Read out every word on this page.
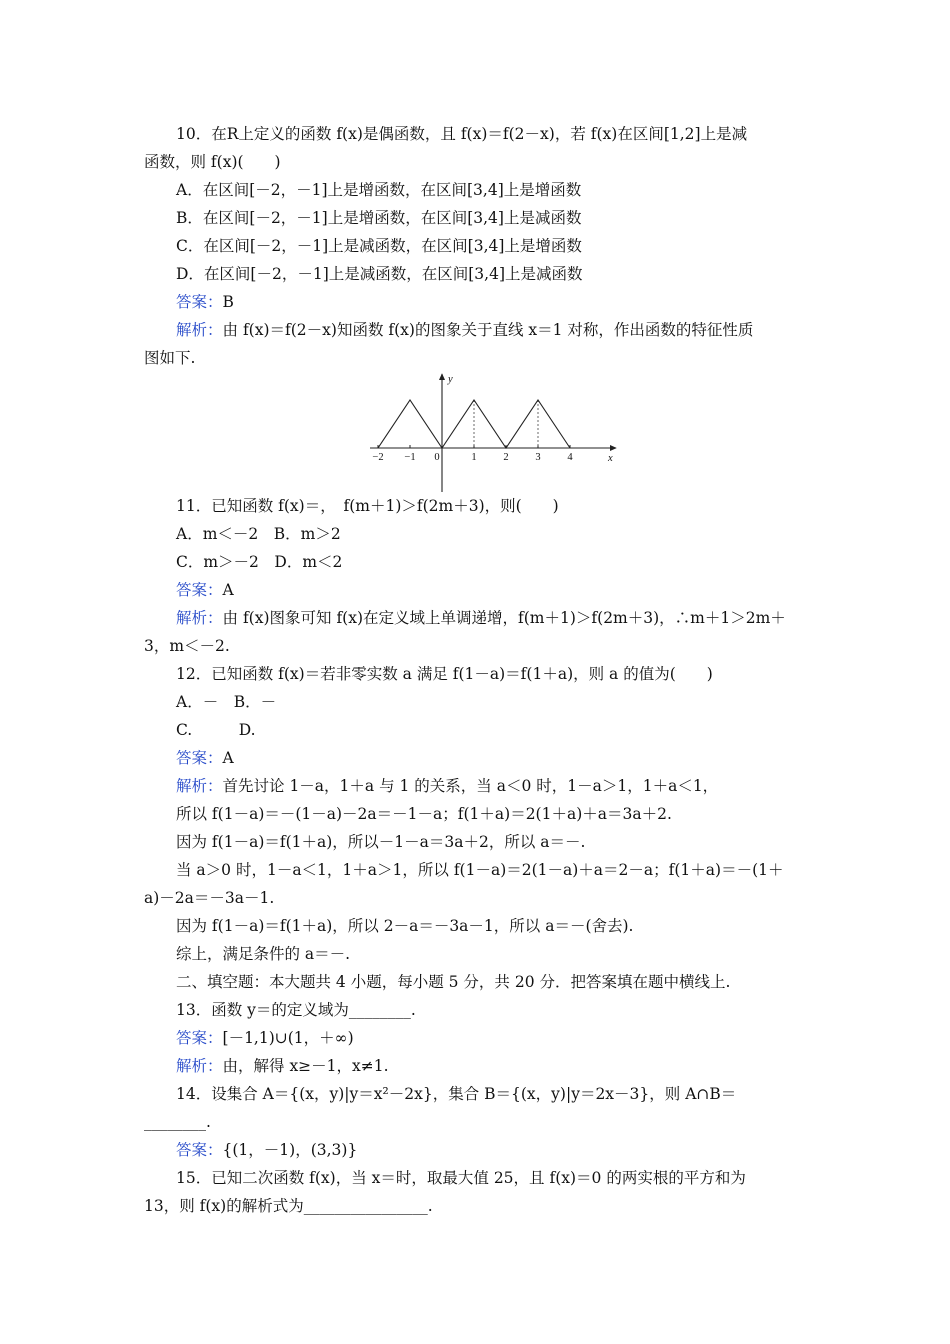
10．在R上定义的函数 f(x)是偶函数，且 f(x)＝f(2－x)，若 f(x)在区间[1,2]上是减
函数，则 f(x)(　　)
A．在区间[－2，－1]上是增函数，在区间[3,4]上是增函数
B．在区间[－2，－1]上是增函数，在区间[3,4]上是减函数
C．在区间[－2，－1]上是减函数，在区间[3,4]上是增函数
D．在区间[－2，－1]上是减函数，在区间[3,4]上是减函数
答案：B
解析：由 f(x)＝f(2－x)知函数 f(x)的图象关于直线 x＝1 对称，作出函数的特征性质
图如下.
11．已知函数 f(x)＝，　f(m＋1)＞f(2m＋3)，则(　　)
A．m＜－2　B．m＞2
C．m＞－2　D．m＜2
答案：A
解析：由 f(x)图象可知 f(x)在定义域上单调递增，f(m＋1)＞f(2m＋3)，∴m＋1＞2m＋
3，m＜－2.
12．已知函数 f(x)＝若非零实数 a 满足 f(1－a)＝f(1＋a)，则 a 的值为(　　)
A．－　B．－
C.　　　D.
答案：A
解析：首先讨论 1－a，1＋a 与 1 的关系，当 a＜0 时，1－a＞1，1＋a＜1，
所以 f(1－a)＝－(1－a)－2a＝－1－a；f(1＋a)＝2(1＋a)＋a＝3a＋2.
因为 f(1－a)＝f(1＋a)，所以－1－a＝3a＋2，所以 a＝－.
当 a＞0 时，1－a＜1，1＋a＞1，所以 f(1－a)＝2(1－a)＋a＝2－a；f(1＋a)＝－(1＋
a)－2a＝－3a－1.
因为 f(1－a)＝f(1＋a)，所以 2－a＝－3a－1，所以 a＝－(舍去).
综上，满足条件的 a＝－.
二、填空题：本大题共 4 小题，每小题 5 分，共 20 分．把答案填在题中横线上.
13．函数 y＝的定义域为________.
答案：[－1,1)∪(1，＋∞)
解析：由，解得 x≥－1，x≠1.
14．设集合 A＝{(x，y)|y＝x²－2x}，集合 B＝{(x，y)|y＝2x－3}，则 A∩B＝
________.
答案：{(1，－1)，(3,3)}
15．已知二次函数 f(x)，当 x＝时，取最大值 25，且 f(x)＝0 的两实根的平方和为
13，则 f(x)的解析式为________________.
y
x
−2 −1 0	1	2	3	4
